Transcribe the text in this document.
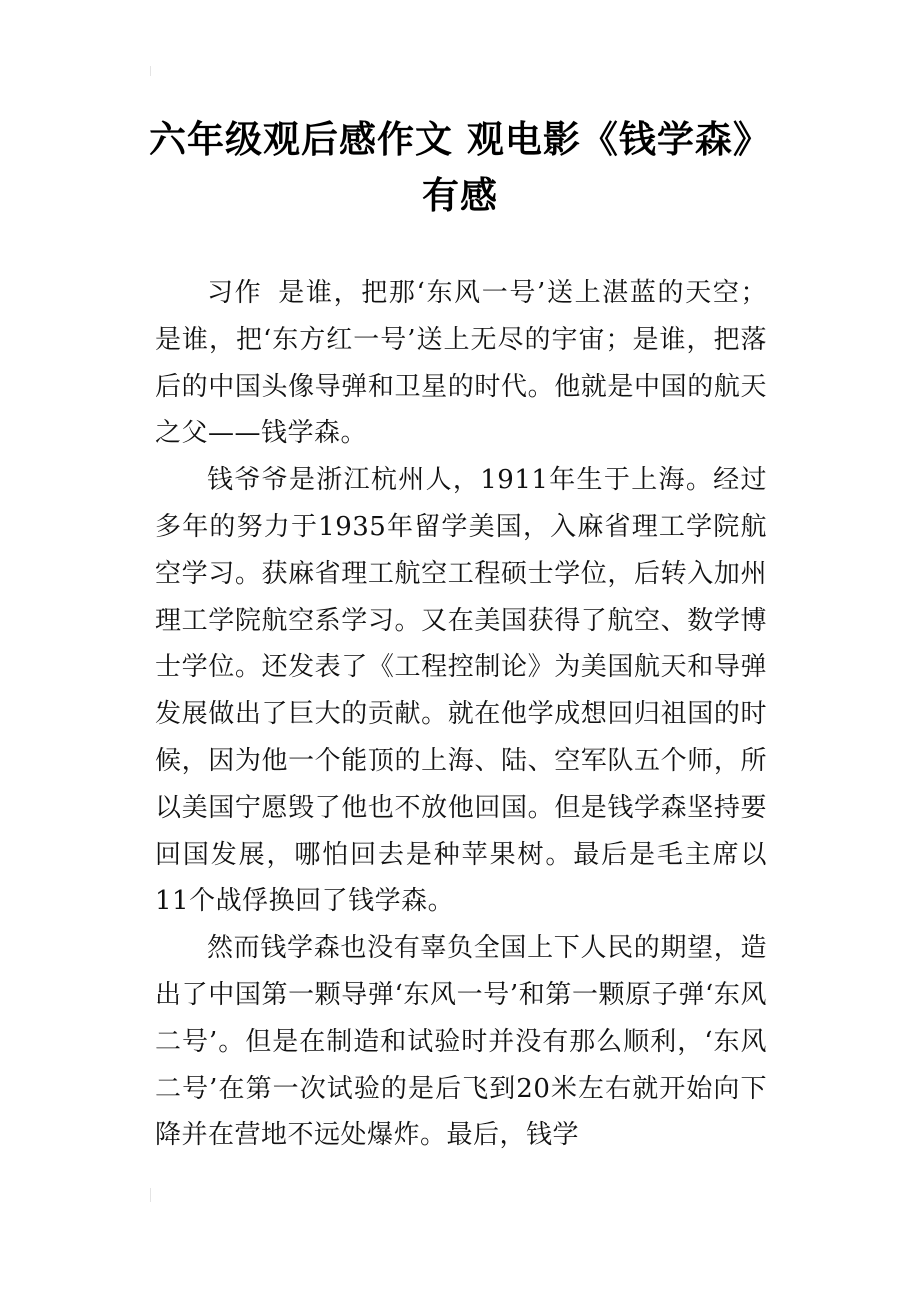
六年级观后感作文 观电影《钱学森》
有感

习作 是谁，把那‘东风一号’送上湛蓝的天空；是谁，把‘东方红一号’送上无尽的宇宙；是谁，把落后的中国头像导弹和卫星的时代。他就是中国的航天之父——钱学森。

钱爷爷是浙江杭州人，1911年生于上海。经过多年的努力于1935年留学美国，入麻省理工学院航空学习。获麻省理工航空工程硕士学位，后转入加州理工学院航空系学习。又在美国获得了航空、数学博士学位。还发表了《工程控制论》为美国航天和导弹发展做出了巨大的贡献。就在他学成想回归祖国的时候，因为他一个能顶的上海、陆、空军队五个师，所以美国宁愿毁了他也不放他回国。但是钱学森坚持要回国发展，哪怕回去是种苹果树。最后是毛主席以11个战俘换回了钱学森。

然而钱学森也没有辜负全国上下人民的期望，造出了中国第一颗导弹‘东风一号’和第一颗原子弹‘东风二号’。但是在制造和试验时并没有那么顺利，‘东风二号’在第一次试验的是后飞到20米左右就开始向下降并在营地不远处爆炸。最后，钱学
